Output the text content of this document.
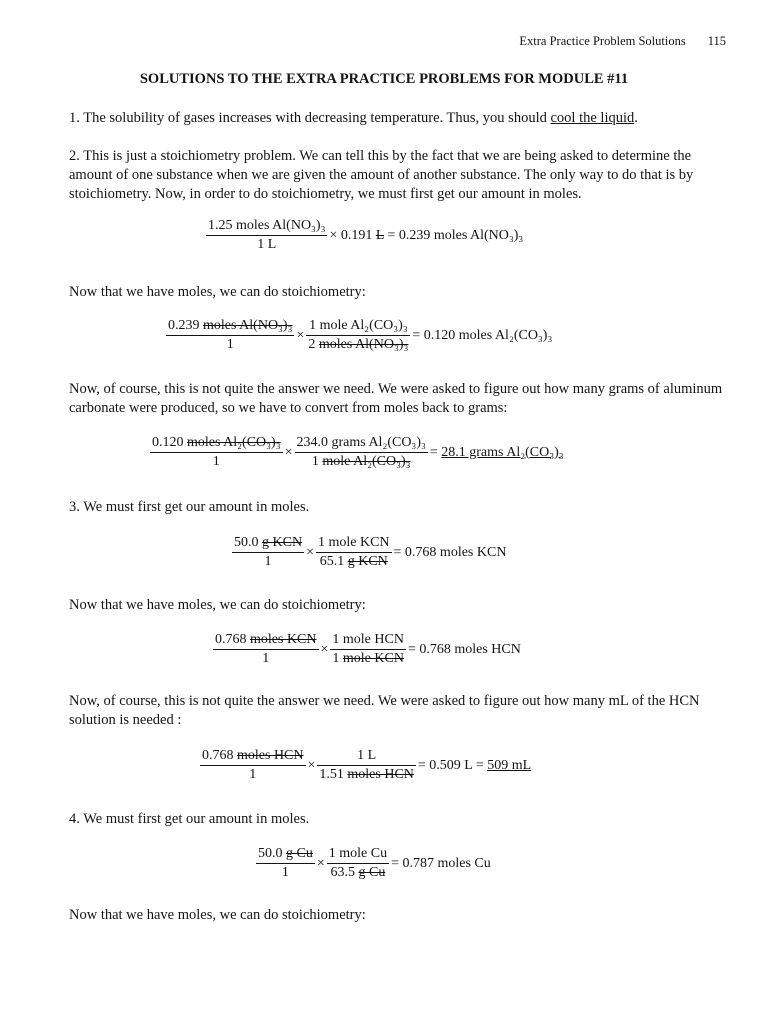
Extra Practice Problem Solutions 115
SOLUTIONS TO THE EXTRA PRACTICE PROBLEMS FOR MODULE #11

1. The solubility of gases increases with decreasing temperature. Thus, you should cool the liquid.

2. This is just a stoichiometry problem. We can tell this by the fact that we are being asked to determine the amount of one substance when we are given the amount of another substance. The only way to do that is by stoichiometry. Now, in order to do stoichiometry, we must first get our amount in moles.

$\frac{\text{1.25 moles Al(NO₃)₃}}{1 L} \times 0.191$ L = 0.239 moles Al(NO₃)₃

Now that we have moles, we can do stoichiometry:

$\frac{\text{0.239 moles Al(NO₃)₃}}{1} \times \frac{\text{1 mole Al₂(CO₃)₃}}{\text{2 moles Al(NO₃)₃}} = 0.120$ moles Al₂(CO₃)₃

Now, of course, this is not quite the answer we need. We were asked to figure out how many grams of aluminum carbonate were produced, so we have to convert from moles back to grams:

$\frac{\text{0.120 moles Al₂(CO₃)₃}}{1} \times \frac{\text{234.0 grams Al₂(CO₃)₃}}{\text{1 mole Al₂(CO₃)₃}} = 28.1$ grams Al₂(CO₃)₃

3. We must first get our amount in moles.

$\frac{\text{50.0 g KCN}}{1} \times \frac{\text{1 mole KCN}}{\text{65.1 g KCN}} = 0.768$ moles KCN

Now that we have moles, we can do stoichiometry:

$\frac{\text{0.768 moles KCN}}{1} \times \frac{\text{1 mole HCN}}{\text{1 mole KCN}} = 0.768$ moles HCN

Now, of course, this is not quite the answer we need. We were asked to figure out how many mL of the HCN solution is needed :

$\frac{\text{0.768 moles HCN}}{1} \times \frac{1 L}{\text{1.51 moles HCN}} = 0.509$ L = 509 mL

4. We must first get our amount in moles.

$\frac{\text{50.0 g Cu}}{1} \times \frac{\text{1 mole Cu}}{\text{63.5 g Cu}} = 0.787$ moles Cu

Now that we have moles, we can do stoichiometry:
